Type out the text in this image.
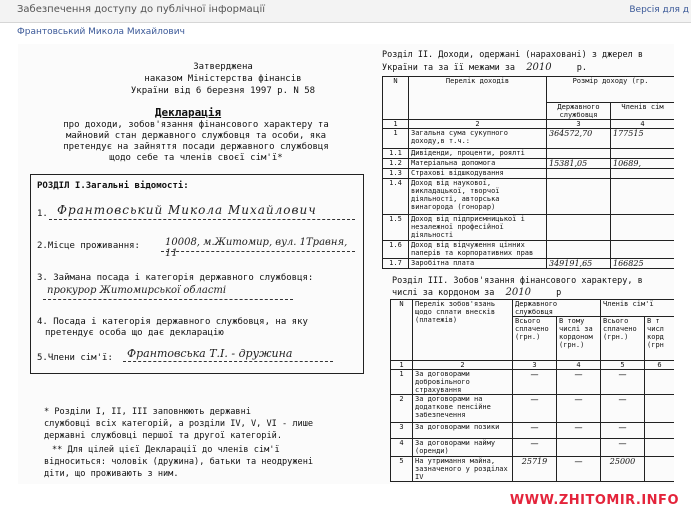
Забезпечення доступу до публічної інформації	Версія для д
Франтовський Микола Михайлович
Затверджена
наказом Міністерства фінансів
України від 6 березня 1997 р. N 58
Декларація
про доходи, зобов'язання фінансового характеру та
майновий стан державного службовця та особи, яка
претендує на зайняття посади державного службовця
щодо себе та членів своєї сім'ї*
РОЗДІЛ І.Загальні відомості:
1. Франтовський Микола Михайлович
2.Місце проживання:	10008, м.Житомир, вул. 1Травня, 11
3. Займана посада і категорія державного службовця:
прокурор Житомирської області
4. Посада і категорія державного службовця, на яку
претендує особа що дає декларацію
5.Члени сім'ї: Франтовська Т.І. - дружина
* Розділи I, II, III заповнюють державні
службовці всіх категорій, а розділи IV, V, VI - лише
державні службовці першої та другої категорій.
** Для цілей цієї Декларації до членів сім'ї
відноситься: чоловік (дружина), батьки та неодружені
діти, що проживають з ним.
Розділ II. Доходи, одержані (нараховані) з джерел в
України та за її межами за 2010	р.
N	Перелік доходів	Розмір доходу (гр.	
		Державного службовця	Членів сім
1	2	3	4
1	Загальна сума сукупного доходу,в т.ч.:	364572,70	177515
1.1	Дивіденди, проценти, роялті		
1.2	Матеріальна допомога	15381,05	10689,
1.3	Страхові відшкодування		
1.4	Доход від наукової, викладацької, творчої діяльності, авторська винагорода (гонорар)		
1.5	Доход від підприємницької і незалежної професійної діяльності		
1.6	Доход від відчуження цінних паперів та корпоративних прав		
1.7	Заробітна плата	349191,65	166825
Розділ III. Зобов'язання фінансового характеру, в
числі за кордоном за 2010	р
N	Перелік зобов'язань щодо сплати внесків (платежів)	Державного службовця		Членів сім'ї	
		Всього сплачено (грн.)	В тому числі за кордоном (грн.)	Всього сплачено (грн.)	В т числ корд (грн
1	2	3	4	5	6
1	За договорами добровільного страхування	—	—	—	
2	За договорами на додаткове пенсійне забезпечення	—	—	—	
3	За договорами позики	—	—	—	
4	За договорами найму (оренди)	—		—	
5	На утримання майна, зазначеного у розділах IV	25719	—	25000	
WWW.ZHITOMIR.INFO
